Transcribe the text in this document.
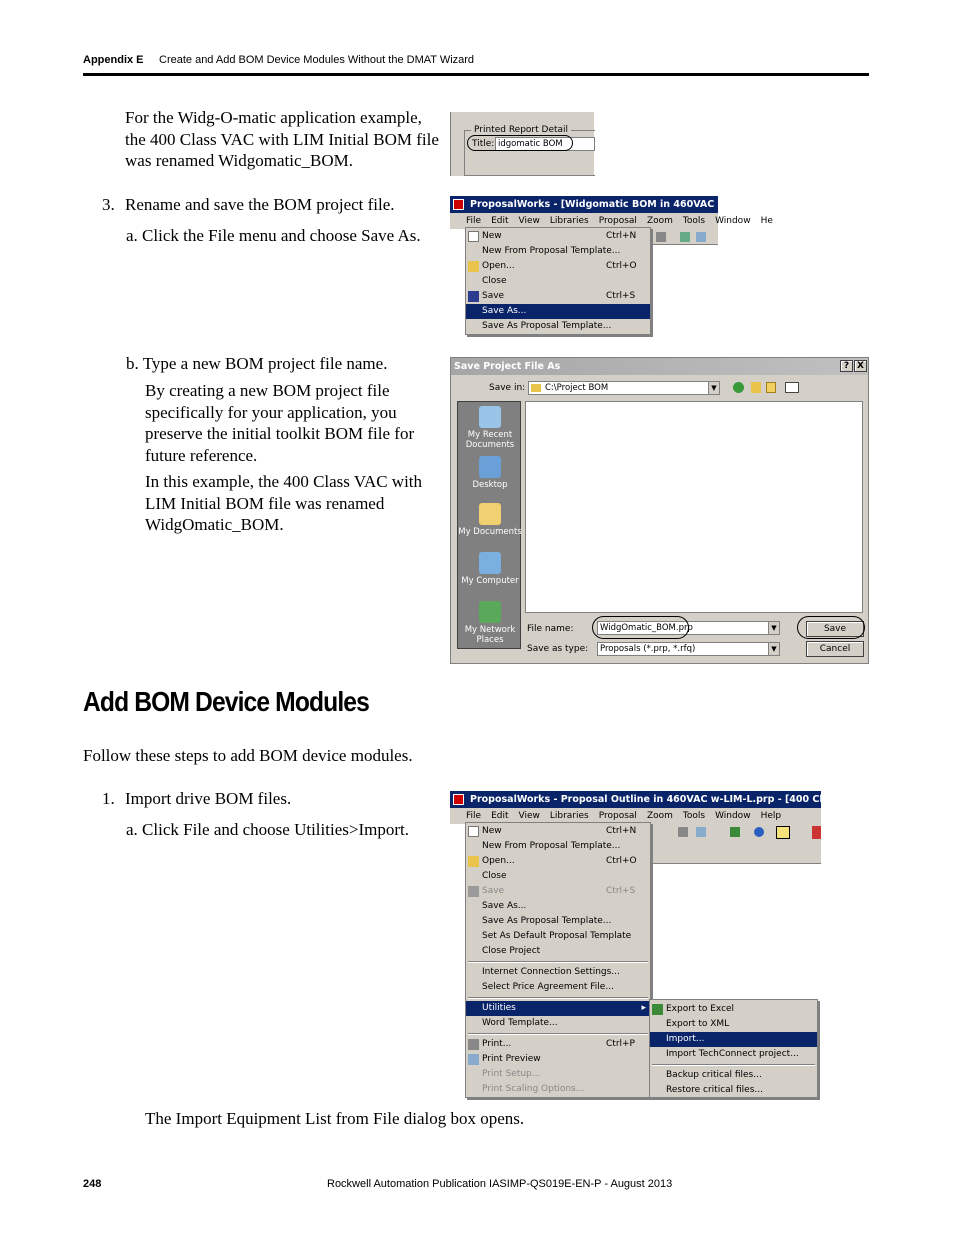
Appendix E Create and Add BOM Device Modules Without the DMAT Wizard
For the Widg-O-matic application example, the 400 Class VAC with LIM Initial BOM file was renamed Widgomatic_BOM.
Printed Report Detail
Title: idgomatic BOM
3. Rename and save the BOM project file.
a. Click the File menu and choose Save As.
ProposalWorks - [Widgomatic BOM in 460VAC w-LIM-L.prp]
File Edit View Libraries Proposal Zoom Tools Window He
New	Ctrl+N
New From Proposal Template...
Open...	Ctrl+O
Close
Save	Ctrl+S
Save As...
Save As Proposal Template...
b. Type a new BOM project file name.
By creating a new BOM project file specifically for your application, you preserve the initial toolkit BOM file for future reference.
In this example, the 400 Class VAC with LIM Initial BOM file was renamed WidgOmatic_BOM.
Save Project File As	? X
Save in: C:\Project BOM	▼
My Recent Documents
Desktop
My Documents
My Computer
My Network Places
File name:	WidgOmatic_BOM.prp	▼
Save as type:	Proposals (*.prp, *.rfq)	▼
Save
Cancel
Add BOM Device Modules
Follow these steps to add BOM device modules.
1. Import drive BOM files.
a. Click File and choose Utilities>Import.
ProposalWorks - Proposal Outline in 460VAC w-LIM-L.prp - [400 Class VAC with LIM In
File Edit View Libraries Proposal Zoom Tools Window Help
New	Ctrl+N
New From Proposal Template...
Open...	Ctrl+O
Close
Save	Ctrl+S
Save As...
Save As Proposal Template...
Set As Default Proposal Template
Close Project
Internet Connection Settings...
Select Price Agreement File...
Utilities	▸
Word Template...
Print...	Ctrl+P
Print Preview
Print Setup...
Print Scaling Options...
Export to Excel
Export to XML
Import...
Import TechConnect project...
Backup critical files...
Restore critical files...
The Import Equipment List from File dialog box opens.
248	Rockwell Automation Publication IASIMP-QS019E-EN-P - August 2013
